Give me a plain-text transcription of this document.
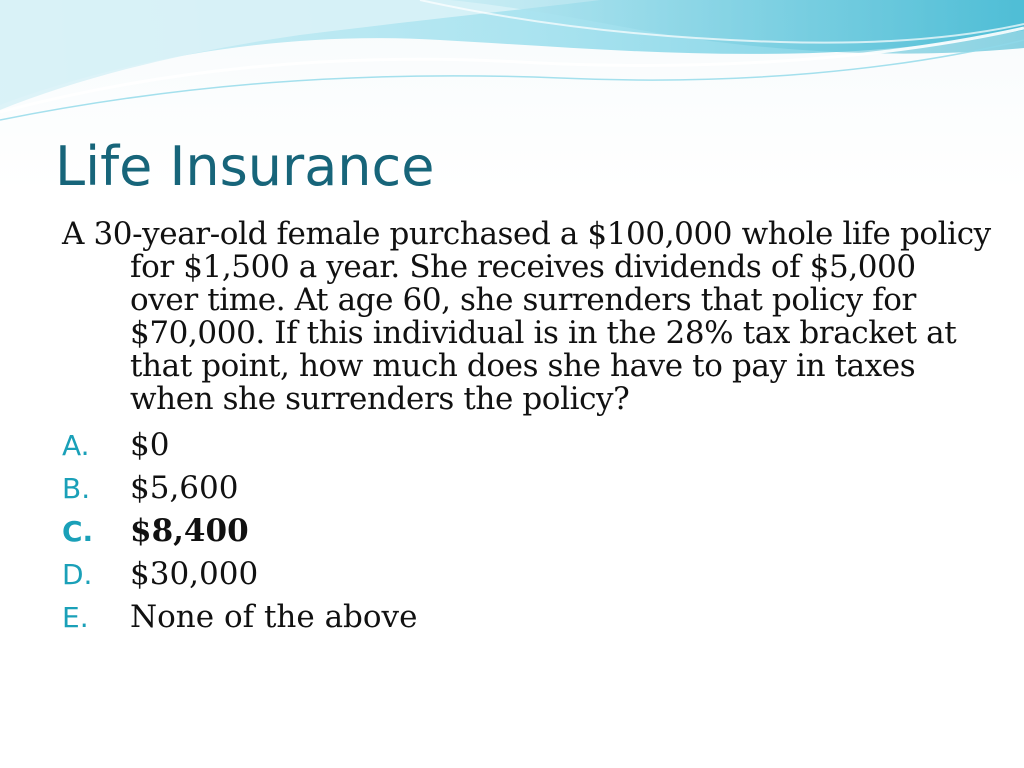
Life Insurance

A 30-year-old female purchased a $100,000 whole life policy for $1,500 a year. She receives dividends of $5,000 over time. At age 60, she surrenders that policy for $70,000. If this individual is in the 28% tax bracket at that point, how much does she have to pay in taxes when she surrenders the policy?

A. $0
B. $5,600
C. $8,400
D. $30,000
E. None of the above
